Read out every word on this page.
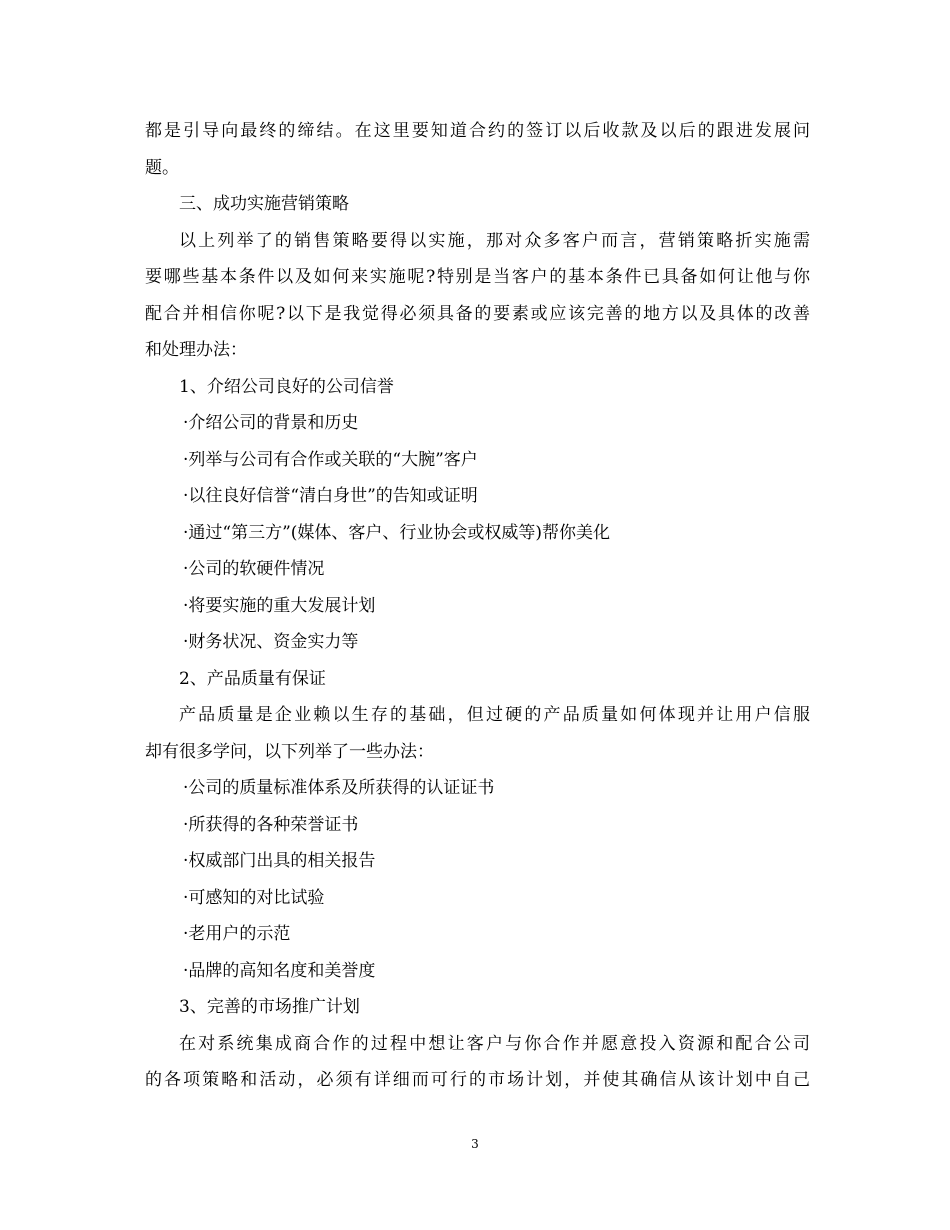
都是引导向最终的缔结。在这里要知道合约的签订以后收款及以后的跟进发展问
题。
三、成功实施营销策略
以上列举了的销售策略要得以实施，那对众多客户而言，营销策略折实施需
要哪些基本条件以及如何来实施呢?特别是当客户的基本条件已具备如何让他与你
配合并相信你呢?以下是我觉得必须具备的要素或应该完善的地方以及具体的改善
和处理办法：
1、介绍公司良好的公司信誉
·介绍公司的背景和历史
·列举与公司有合作或关联的“大腕”客户
·以往良好信誉“清白身世”的告知或证明
·通过“第三方”(媒体、客户、行业协会或权威等)帮你美化
·公司的软硬件情况
·将要实施的重大发展计划
·财务状况、资金实力等
2、产品质量有保证
产品质量是企业赖以生存的基础，但过硬的产品质量如何体现并让用户信服
却有很多学问，以下列举了一些办法：
·公司的质量标准体系及所获得的认证证书
·所获得的各种荣誉证书
·权威部门出具的相关报告
·可感知的对比试验
·老用户的示范
·品牌的高知名度和美誉度
3、完善的市场推广计划
在对系统集成商合作的过程中想让客户与你合作并愿意投入资源和配合公司
的各项策略和活动，必须有详细而可行的市场计划，并使其确信从该计划中自己
3
